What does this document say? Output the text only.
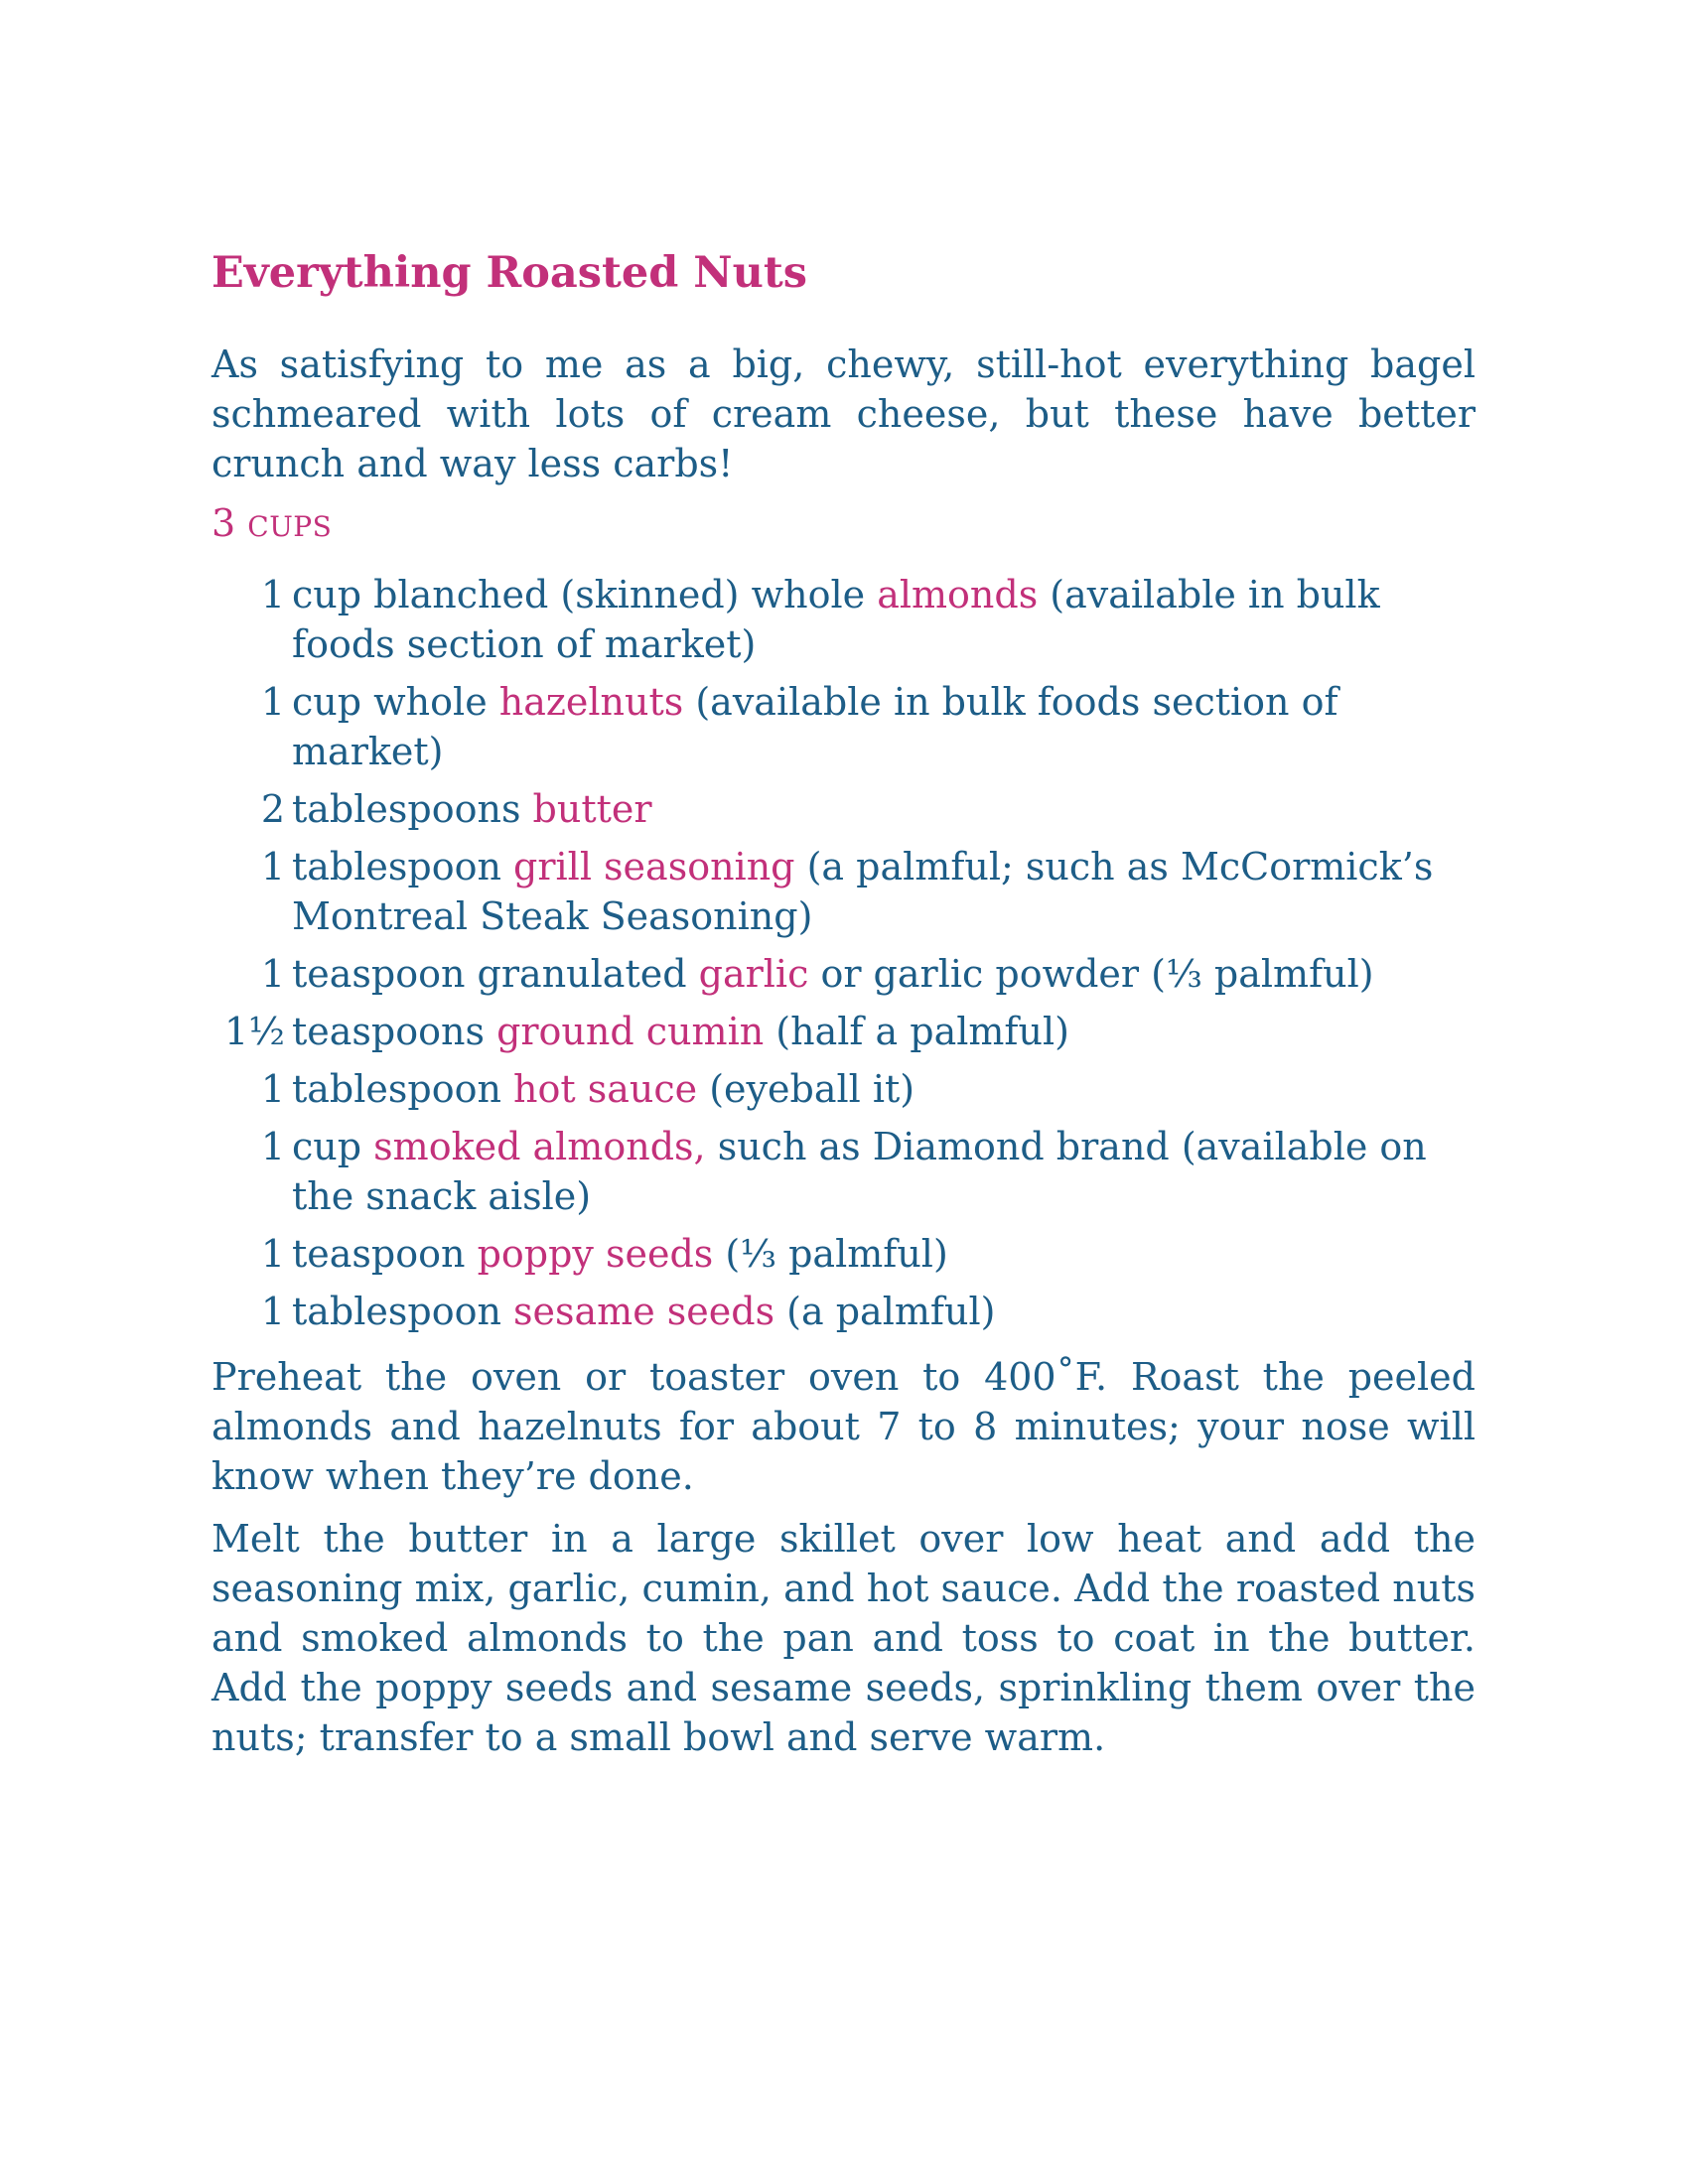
Everything Roasted Nuts

As satisfying to me as a big, chewy, still-hot everything bagel schmeared with lots of cream cheese, but these have better crunch and way less carbs!

3 CUPS

1 cup blanched (skinned) whole almonds (available in bulk foods section of market)
1 cup whole hazelnuts (available in bulk foods section of market)
2 tablespoons butter
1 tablespoon grill seasoning (a palmful; such as McCormick’s Montreal Steak Seasoning)
1 teaspoon granulated garlic or garlic powder (⅓ palmful)
1½ teaspoons ground cumin (half a palmful)
1 tablespoon hot sauce (eyeball it)
1 cup smoked almonds, such as Diamond brand (available on the snack aisle)
1 teaspoon poppy seeds (⅓ palmful)
1 tablespoon sesame seeds (a palmful)

Preheat the oven or toaster oven to 400˚F. Roast the peeled almonds and hazelnuts for about 7 to 8 minutes; your nose will know when they’re done.

Melt the butter in a large skillet over low heat and add the seasoning mix, garlic, cumin, and hot sauce. Add the roasted nuts and smoked almonds to the pan and toss to coat in the butter. Add the poppy seeds and sesame seeds, sprinkling them over the nuts; transfer to a small bowl and serve warm.
